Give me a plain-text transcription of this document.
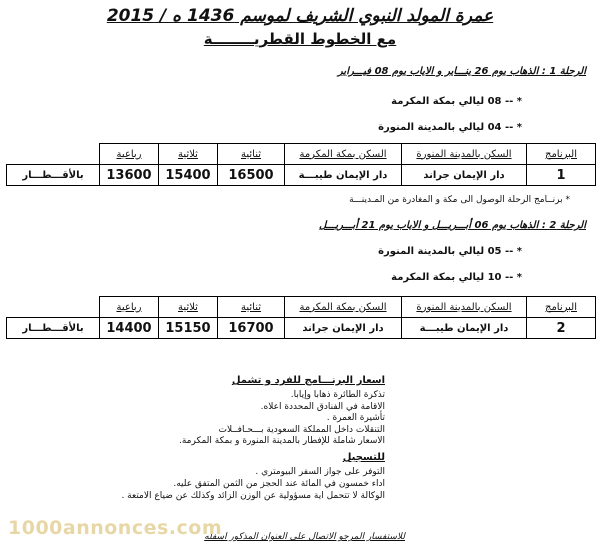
عمرة المولد النبوي الشريف لموسم 1436 ه / 2015
مع الخطوط القطريــــــــة
الرحلة 1 : الذهاب يوم 26 ينـــاير و الاياب يوم 08 فيـــراير
* -- 08 ليالي بمكة المكرمة
* -- 04 ليالي بالمدينة المنورة
البرنامج	السكن بالمدينة المنورة	السكن بمكة المكرمة	ثنائية	ثلاثية	رباعية	
1	دار الإيمان جراند	دار الإيمان طيبـــة	16500	15400	13600	بالأقـــطـــار
* برنــامج الرحلة الوصول الى مكة و المغادرة من المـدينـــة
الرحلة 2 : الذهاب يوم 06 أبـــريـــل و الاياب يوم 21 أبـــريـــل
* -- 05 ليالي بالمدينة المنورة
* -- 10 ليالي بمكة المكرمة
البرنامج	السكن بالمدينة المنورة	السكن بمكة المكرمة	ثنائية	ثلاثية	رباعية	
2	دار الإيمان طيبـــة	دار الإيمان جراند	16700	15150	14400	بالأقـــطـــار
اسعار البرنـــامج للفرد و تشمل
تذكرة الطائرة ذهابا وإيابا.
الاقامة في الفنادق المحددة اعلاه.
تأشيرة العمرة .
التنقلات داخل المملكة السعودية بـــحـافــلات
الاسعار شاملة للإفطار بالمدينة المنورة و بمكة المكرمة.
للتسجيل
التوفر على جواز السفر البيومتري .
اداء خمسون في المائة عند الحجز من الثمن المتفق عليه.
الوكالة لا تتحمل اية مسؤولية عن الوزن الزائد وكذلك عن ضياع الامتعة .
للاستفسار المرجو الاتصال على العنوان المذكور اسفله
1000annonces.com
